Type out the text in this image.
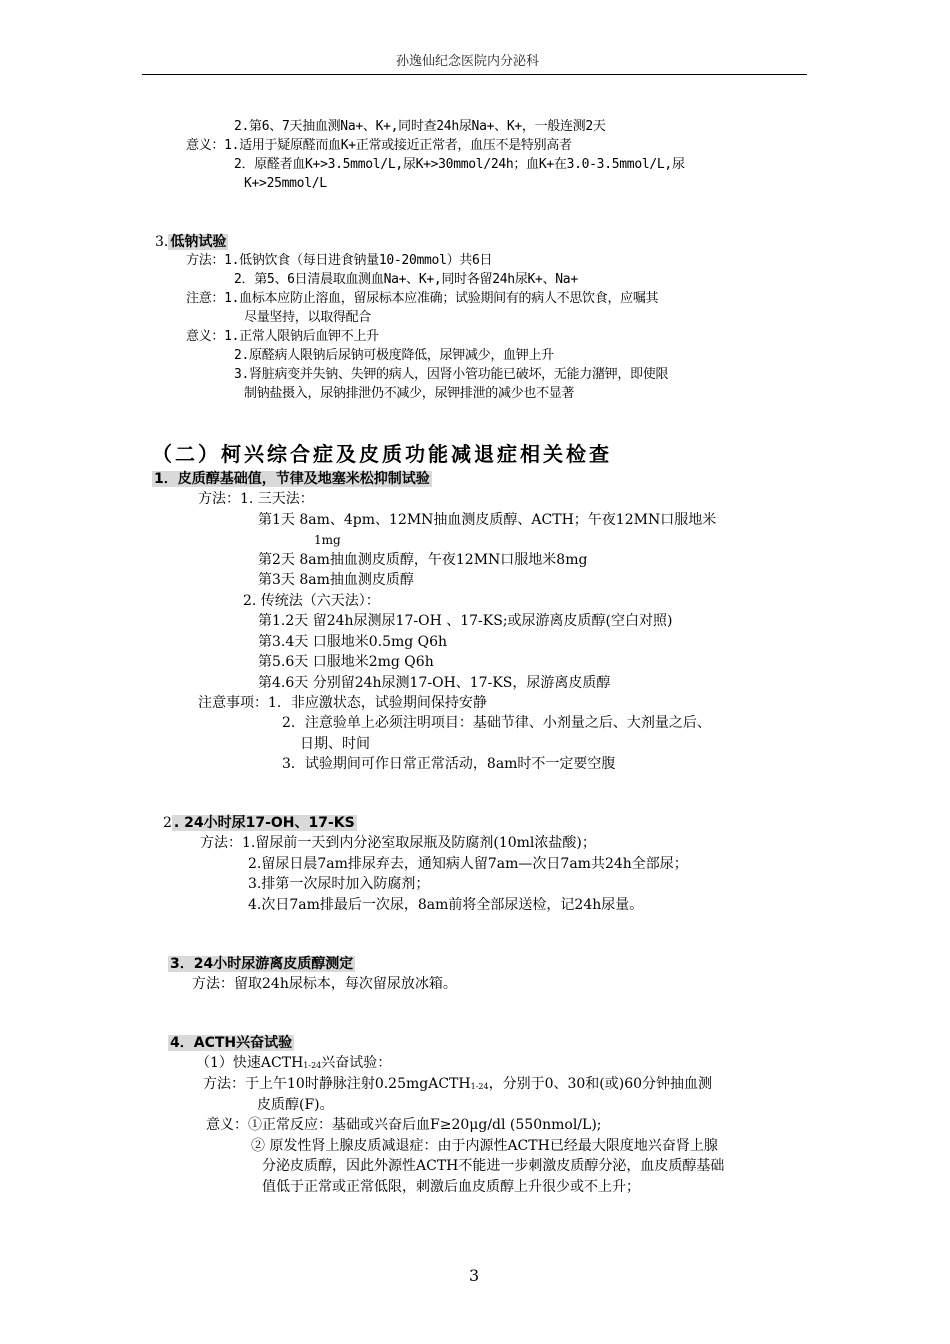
孙逸仙纪念医院内分泌科
2.第6、7天抽血测Na+、K+,同时查24h尿Na+、K+，一般连测2天
意义：1.适用于疑原醛而血K+正常或接近正常者，血压不是特别高者
2．原醛者血K+>3.5mmol/L,尿K+>30mmol/24h；血K+在3.0-3.5mmol/L,尿
K+>25mmol/L
3. 低钠试验
方法：1.低钠饮食（每日进食钠量10-20mmol）共6日
2．第5、6日清晨取血测血Na+、K+,同时各留24h尿K+、Na+
注意：1.血标本应防止溶血，留尿标本应准确；试验期间有的病人不思饮食，应嘱其
尽量坚持，以取得配合
意义：1.正常人限钠后血钾不上升
2.原醛病人限钠后尿钠可极度降低，尿钾减少，血钾上升
3.肾脏病变并失钠、失钾的病人，因肾小管功能已破坏，无能力潴钾，即使限
制钠盐摄入，尿钠排泄仍不减少，尿钾排泄的减少也不显著
（二）柯兴综合症及皮质功能减退症相关检查
1．皮质醇基础值，节律及地塞米松抑制试验
方法：1. 三天法：
第1天 8am、4pm、12MN抽血测皮质醇、ACTH；午夜12MN口服地米
1mg
第2天 8am抽血测皮质醇，午夜12MN口服地米8mg
第3天 8am抽血测皮质醇
2. 传统法（六天法）：
第1.2天 留24h尿测尿17-OH 、17-KS;或尿游离皮质醇(空白对照)
第3.4天 口服地米0.5mg Q6h
第5.6天 口服地米2mg Q6h
第4.6天 分别留24h尿测17-OH、17-KS，尿游离皮质醇
注意事项：1．非应激状态，试验期间保持安静
2．注意验单上必须注明项目：基础节律、小剂量之后、大剂量之后、
日期、时间
3．试验期间可作日常正常活动，8am时不一定要空腹
2 . 24小时尿17-OH、17-KS
方法：1.留尿前一天到内分泌室取尿瓶及防腐剂(10ml浓盐酸)；
2.留尿日晨7am排尿弃去，通知病人留7am—次日7am共24h全部尿；
3.排第一次尿时加入防腐剂；
4.次日7am排最后一次尿，8am前将全部尿送检，记24h尿量。
3．24小时尿游离皮质醇测定
方法：留取24h尿标本，每次留尿放冰箱。
4．ACTH兴奋试验
（1）快速$ACTH_{1-24}$兴奋试验：
方法：于上午10时静脉注射0.25mgACTH$_{1-24}$，分别于0、30和(或)60分钟抽血测
皮质醇(F)。
意义：①正常反应：基础或兴奋后血F≥20μg/dl (550nmol/L);
② 原发性肾上腺皮质减退症：由于内源性ACTH已经最大限度地兴奋肾上腺
分泌皮质醇，因此外源性ACTH不能进一步刺激皮质醇分泌，血皮质醇基础
值低于正常或正常低限，刺激后血皮质醇上升很少或不上升；
3
